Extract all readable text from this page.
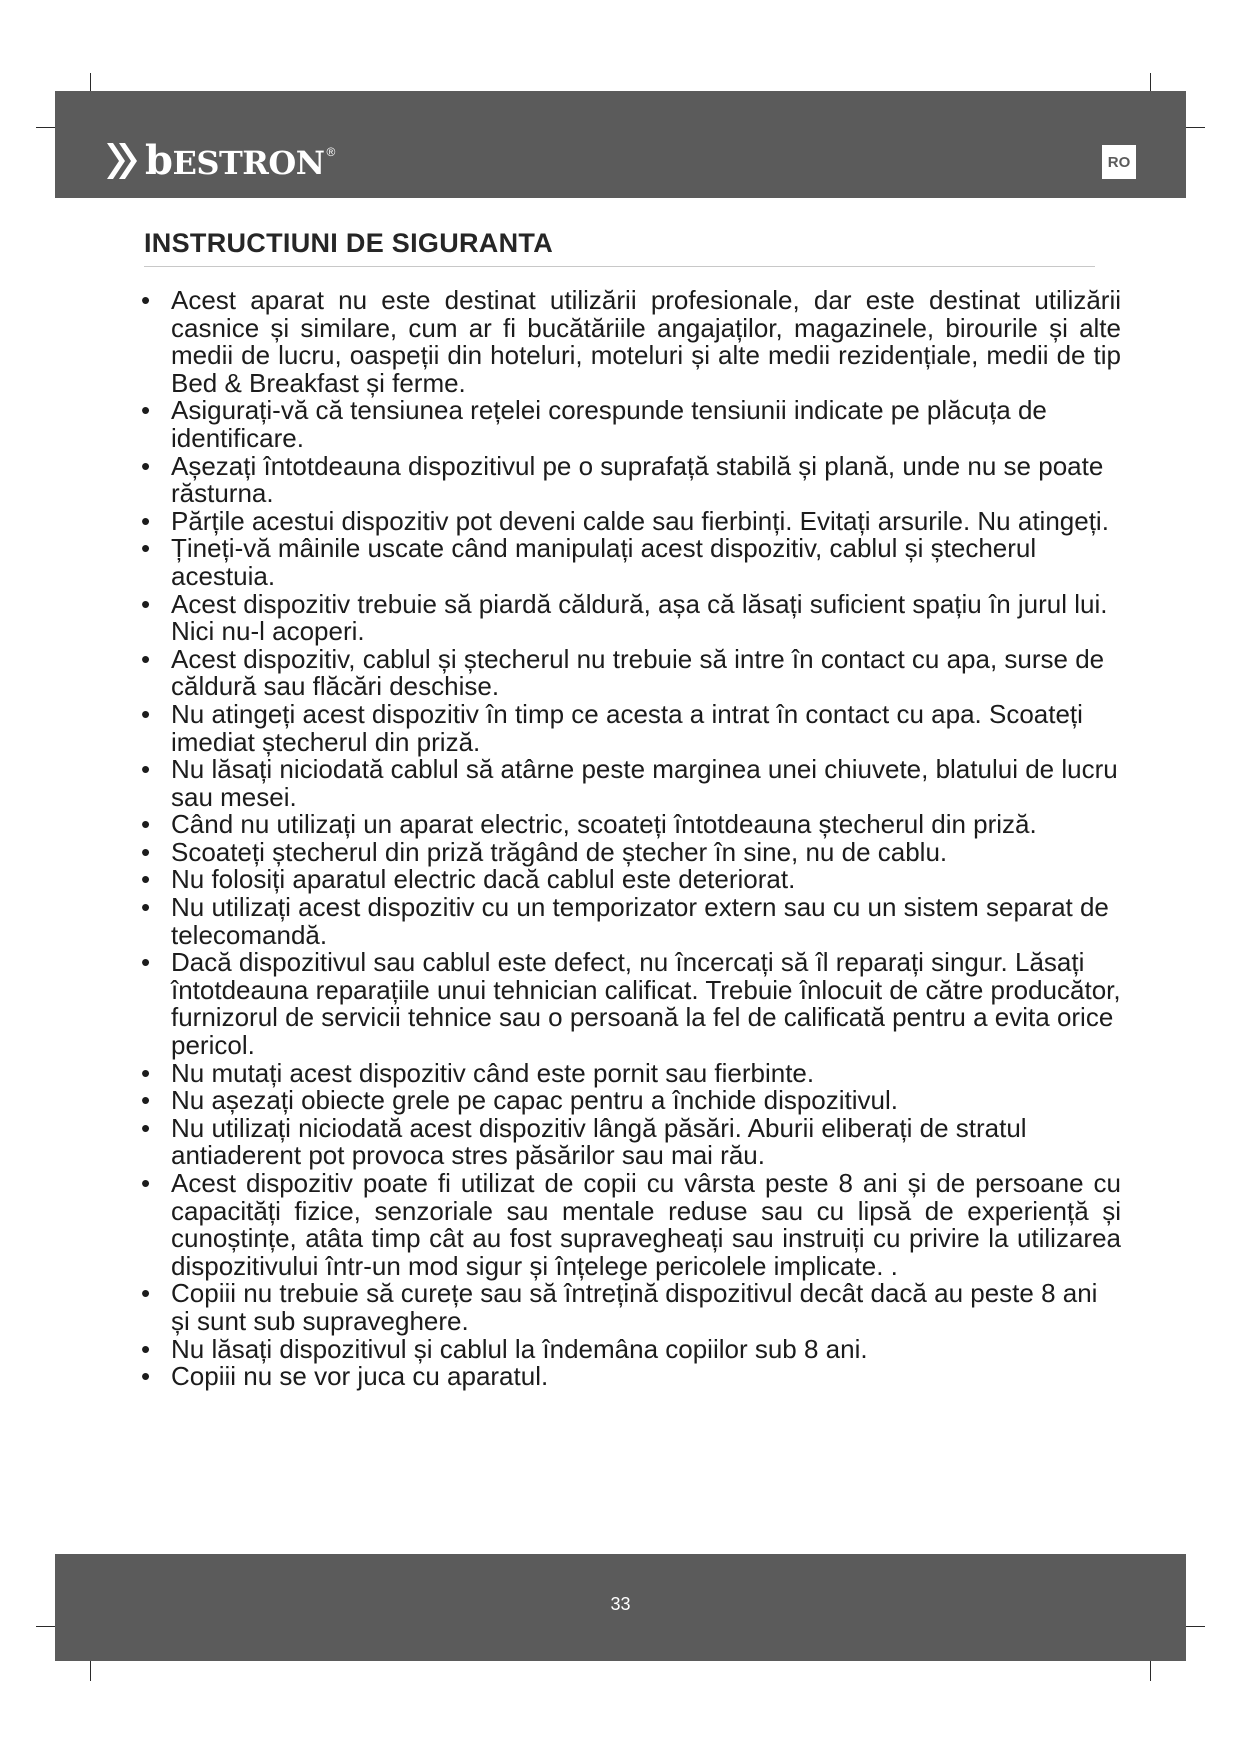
bESTRON ®
RO
INSTRUCTIUNI DE SIGURANTA
• Acest aparat nu este destinat utilizării profesionale, dar este destinat utilizării casnice și similare, cum ar fi bucătăriile angajaților, magazinele, birourile și alte medii de lucru, oaspeții din hoteluri, moteluri și alte medii rezidențiale, medii de tip Bed & Breakfast și ferme.
• Asigurați-vă că tensiunea rețelei corespunde tensiunii indicate pe plăcuța de identificare.
• Așezați întotdeauna dispozitivul pe o suprafață stabilă și plană, unde nu se poate răsturna.
• Părțile acestui dispozitiv pot deveni calde sau fierbinți. Evitați arsurile. Nu atingeți.
• Țineți-vă mâinile uscate când manipulați acest dispozitiv, cablul și ștecherul acestuia.
• Acest dispozitiv trebuie să piardă căldură, așa că lăsați suficient spațiu în jurul lui. Nici nu-l acoperi.
• Acest dispozitiv, cablul și ștecherul nu trebuie să intre în contact cu apa, surse de căldură sau flăcări deschise.
• Nu atingeți acest dispozitiv în timp ce acesta a intrat în contact cu apa. Scoateți imediat ștecherul din priză.
• Nu lăsați niciodată cablul să atârne peste marginea unei chiuvete, blatului de lucru sau mesei.
• Când nu utilizați un aparat electric, scoateți întotdeauna ștecherul din priză.
• Scoateți ștecherul din priză trăgând de ștecher în sine, nu de cablu.
• Nu folosiți aparatul electric dacă cablul este deteriorat.
• Nu utilizați acest dispozitiv cu un temporizator extern sau cu un sistem separat de telecomandă.
• Dacă dispozitivul sau cablul este defect, nu încercați să îl reparați singur. Lăsați întotdeauna reparațiile unui tehnician calificat. Trebuie înlocuit de către producător, furnizorul de servicii tehnice sau o persoană la fel de calificată pentru a evita orice pericol.
• Nu mutați acest dispozitiv când este pornit sau fierbinte.
• Nu așezați obiecte grele pe capac pentru a închide dispozitivul.
• Nu utilizați niciodată acest dispozitiv lângă păsări. Aburii eliberați de stratul antiaderent pot provoca stres păsărilor sau mai rău.
• Acest dispozitiv poate fi utilizat de copii cu vârsta peste 8 ani și de persoane cu capacități fizice, senzoriale sau mentale reduse sau cu lipsă de experiență și cunoștințe, atâta timp cât au fost supravegheați sau instruiți cu privire la utilizarea dispozitivului într-un mod sigur și înțelege pericolele implicate. .
• Copiii nu trebuie să curețe sau să întrețină dispozitivul decât dacă au peste 8 ani și sunt sub supraveghere.
• Nu lăsați dispozitivul și cablul la îndemâna copiilor sub 8 ani.
• Copiii nu se vor juca cu aparatul.
33
